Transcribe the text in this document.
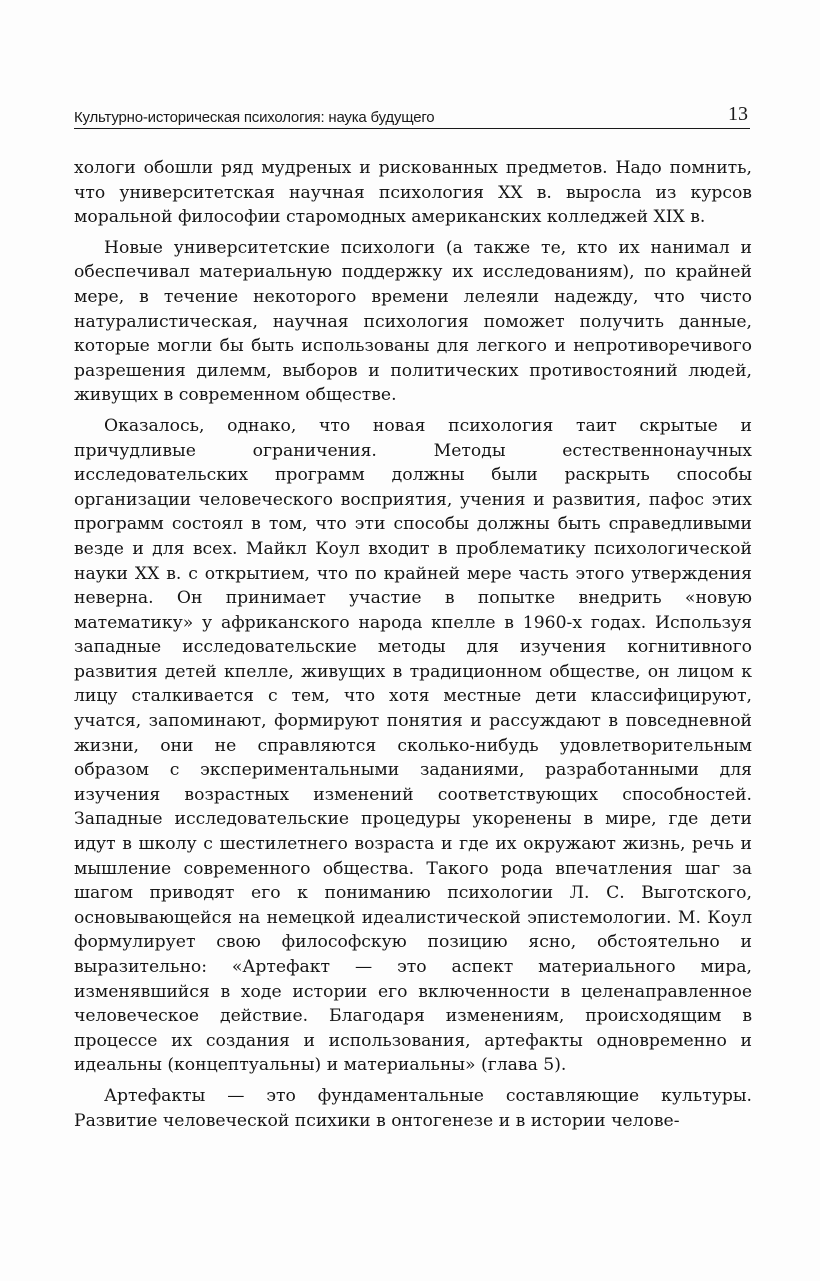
Культурно-историческая психология: наука будущего	13

хологи обошли ряд мудреных и рискованных предметов. Надо помнить, что университетская научная психология XX в. выросла из курсов моральной философии старомодных американских колледжей XIX в.

Новые университетские психологи (а также те, кто их нанимал и обеспечивал материальную поддержку их исследованиям), по крайней мере, в течение некоторого времени лелеяли надежду, что чисто натуралистическая, научная психология поможет получить данные, которые могли бы быть использованы для легкого и непротиворечивого разрешения дилемм, выборов и политических противостояний людей, живущих в современном обществе.

Оказалось, однако, что новая психология таит скрытые и причудливые ограничения. Методы естественнонаучных исследовательских программ должны были раскрыть способы организации человеческого восприятия, учения и развития, пафос этих программ состоял в том, что эти способы должны быть справедливыми везде и для всех. Майкл Коул входит в проблематику психологической науки XX в. с открытием, что по крайней мере часть этого утверждения неверна. Он принимает участие в попытке внедрить «новую математику» у африканского народа кпелле в 1960-х годах. Используя западные исследовательские методы для изучения когнитивного развития детей кпелле, живущих в традиционном обществе, он лицом к лицу сталкивается с тем, что хотя местные дети классифицируют, учатся, запоминают, формируют понятия и рассуждают в повседневной жизни, они не справляются сколько-нибудь удовлетворительным образом с экспериментальными заданиями, разработанными для изучения возрастных изменений соответствующих способностей. Западные исследовательские процедуры укоренены в мире, где дети идут в школу с шестилетнего возраста и где их окружают жизнь, речь и мышление современного общества. Такого рода впечатления шаг за шагом приводят его к пониманию психологии Л. С. Выготского, основывающейся на немецкой идеалистической эпистемологии. М. Коул формулирует свою философскую позицию ясно, обстоятельно и выразительно: «Артефакт — это аспект материального мира, изменявшийся в ходе истории его включенности в целенаправленное человеческое действие. Благодаря изменениям, происходящим в процессе их создания и использования, артефакты одновременно и идеальны (концептуальны) и материальны» (глава 5).

Артефакты — это фундаментальные составляющие культуры. Развитие человеческой психики в онтогенезе и в истории челове-
